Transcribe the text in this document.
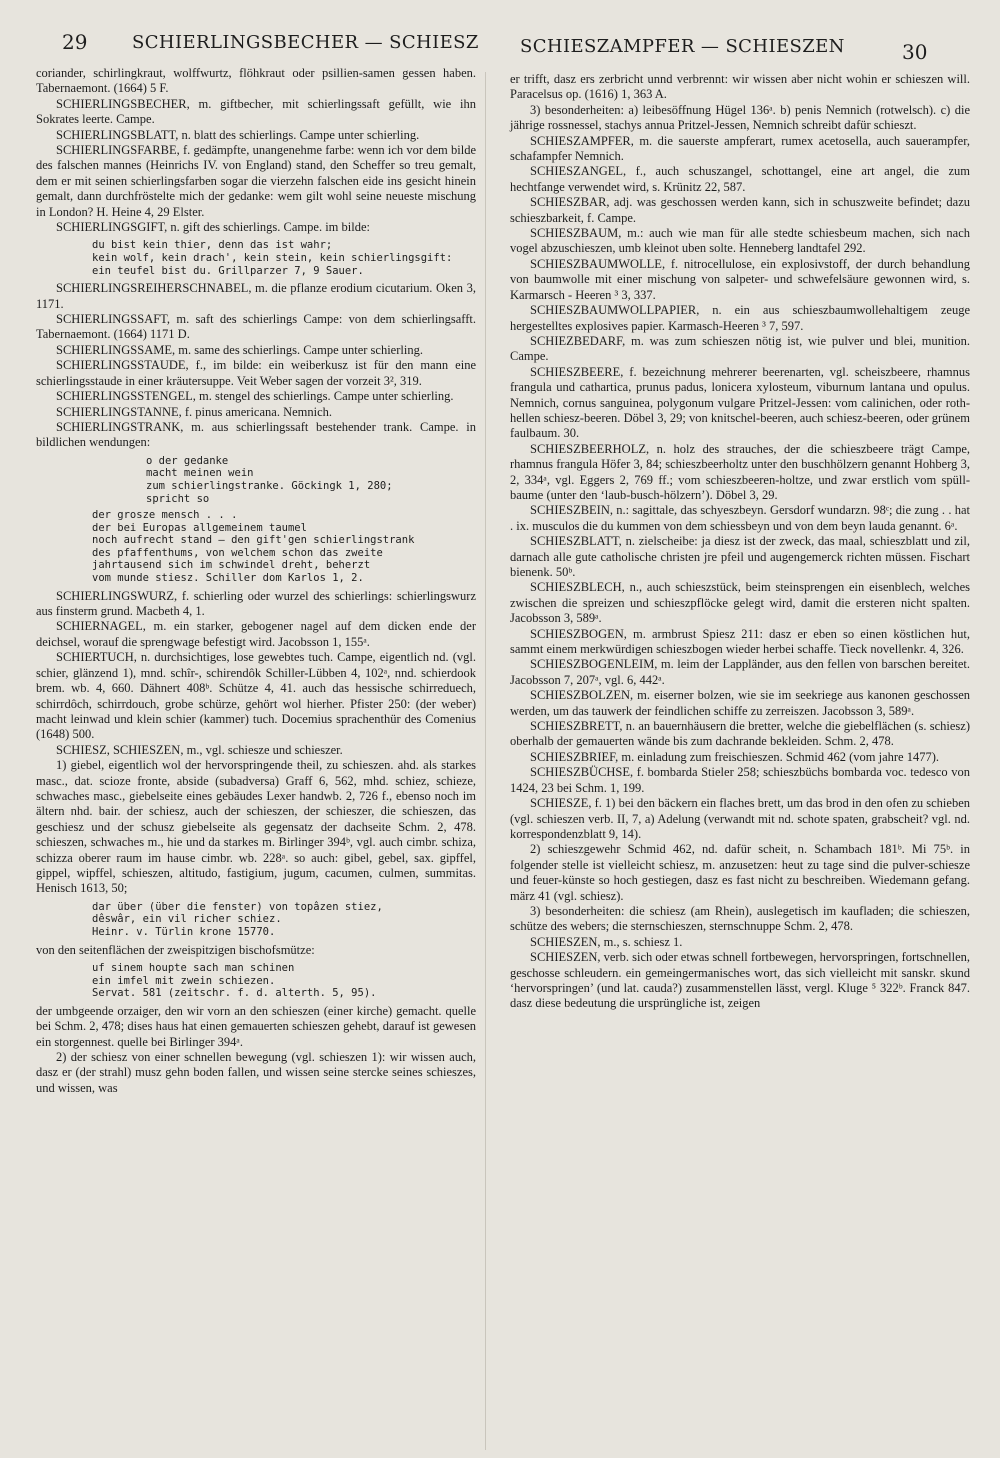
29 SCHIERLINGSBECHER — SCHIESZ SCHIESZAMPFER — SCHIESZEN	30

coriander, schirlingkraut, wolffwurtz, flöhkraut oder psillien-samen gessen haben. Tabernaemont. (1664) 5 F.

SCHIERLINGSBECHER, m. giftbecher, mit schierlingssaft gefüllt, wie ihn Sokrates leerte. Campe.

SCHIERLINGSBLATT, n. blatt des schierlings. Campe unter schierling.

SCHIERLINGSFARBE, f. gedämpfte, unangenehme farbe: wenn ich vor dem bilde des falschen mannes (Heinrichs IV. von England) stand, den Scheffer so treu gemalt, dem er mit seinen schierlingsfarben sogar die vierzehn falschen eide ins gesicht hinein gemalt, dann durchfröstelte mich der gedanke: wem gilt wohl seine neueste mischung in London? H. Heine 4, 29 Elster.

SCHIERLINGSGIFT, n. gift des schierlings. Campe. im bilde:

du bist kein thier, denn das ist wahr;
kein wolf, kein drach', kein stein, kein schierlingsgift:
ein teufel bist du. Grillparzer 7, 9 Sauer.

SCHIERLINGSREIHERSCHNABEL, m. die pflanze erodium cicutarium. Oken 3, 1171.

SCHIERLINGSSAFT, m. saft des schierlings Campe: von dem schierlingsafft. Tabernaemont. (1664) 1171 D.

SCHIERLINGSSAME, m. same des schierlings. Campe unter schierling.

SCHIERLINGSSTAUDE, f., im bilde: ein weiberkusz ist für den mann eine schierlingsstaude in einer kräutersuppe. Veit Weber sagen der vorzeit 3², 319.

SCHIERLINGSSTENGEL, m. stengel des schierlings. Campe unter schierling.

SCHIERLINGSTANNE, f. pinus americana. Nemnich.

SCHIERLINGSTRANK, m. aus schierlingssaft bestehender trank. Campe. in bildlichen wendungen:

o der gedanke
macht meinen wein
zum schierlingstranke. Göckingk 1, 280;
spricht so

der grosze mensch . . .
der bei Europas allgemeinem taumel
noch aufrecht stand — den gift'gen schierlingstrank
des pfaffenthums, von welchem schon das zweite
jahrtausend sich im schwindel dreht, beherzt
vom munde stiesz. Schiller dom Karlos 1, 2.

SCHIERLINGSWURZ, f. schierling oder wurzel des schierlings: schierlingswurz aus finsterm grund. Macbeth 4, 1.

SCHIERNAGEL, m. ein starker, gebogener nagel auf dem dicken ende der deichsel, worauf die sprengwage befestigt wird. Jacobsson 1, 155ᵃ.

SCHIERTUCH, n. durchsichtiges, lose gewebtes tuch. Campe, eigentlich nd. (vgl. schier, glänzend 1), mnd. schîr-, schirendôk Schiller-Lübben 4, 102ᵃ, nnd. schierdook brem. wb. 4, 660. Dähnert 408ᵇ. Schütze 4, 41. auch das hessische schirreduech, schirrdôch, schirrdouch, grobe schürze, gehört wol hierher. Pfister 250: (der weber) macht leinwad und klein schier (kammer) tuch. Docemius sprachenthür des Comenius (1648) 500.

SCHIESZ, SCHIESZEN, m., vgl. schiesze und schieszer.

1) giebel, eigentlich wol der hervorspringende theil, zu schieszen. ahd. als starkes masc., dat. scioze fronte, abside (subadversa) Graff 6, 562, mhd. schiez, schieze, schwaches masc., giebelseite eines gebäudes Lexer handwb. 2, 726 f., ebenso noch im ältern nhd. bair. der schiesz, auch der schieszen, der schieszer, die schieszen, das geschiesz und der schusz giebelseite als gegensatz der dachseite Schm. 2, 478. schieszen, schwaches m., hie und da starkes m. Birlinger 394ᵇ, vgl. auch cimbr. schiza, schizza oberer raum im hause cimbr. wb. 228ᵃ. so auch: gibel, gebel, sax. gipffel, gippel, wipffel, schieszen, altitudo, fastigium, jugum, cacumen, culmen, summitas. Henisch 1613, 50;

dar über (über die fenster) von topâzen stiez,
dêswâr, ein vil richer schiez.
Heinr. v. Türlin krone 15770.

von den seitenflächen der zweispitzigen bischofsmütze:

uf sinem houpte sach man schinen
ein imfel mit zwein schiezen.
Servat. 581 (zeitschr. f. d. alterth. 5, 95).

der umbgeende orzaiger, den wir vorn an den schieszen (einer kirche) gemacht. quelle bei Schm. 2, 478; dises haus hat einen gemauerten schieszen gehebt, darauf ist gewesen ein storgennest. quelle bei Birlinger 394ᵃ.

2) der schiesz von einer schnellen bewegung (vgl. schieszen 1): wir wissen auch, dasz er (der strahl) musz gehn boden fallen, und wissen seine stercke seines schieszes, und wissen, was

er trifft, dasz ers zerbricht unnd verbrennt: wir wissen aber nicht wohin er schieszen will. Paracelsus op. (1616) 1, 363 A.

3) besonderheiten: a) leibesöffnung Hügel 136ᵃ. b) penis Nemnich (rotwelsch). c) die jährige rossnessel, stachys annua Pritzel-Jessen, Nemnich schreibt dafür schieszt.

SCHIESZAMPFER, m. die sauerste ampferart, rumex acetosella, auch sauerampfer, schafampfer Nemnich.

SCHIESZANGEL, f., auch schuszangel, schottangel, eine art angel, die zum hechtfange verwendet wird, s. Krünitz 22, 587.

SCHIESZBAR, adj. was geschossen werden kann, sich in schuszweite befindet; dazu schieszbarkeit, f. Campe.

SCHIESZBAUM, m.: auch wie man für alle stedte schiesbeum machen, sich nach vogel abzuschieszen, umb kleinot uben solte. Henneberg landtafel 292.

SCHIESZBAUMWOLLE, f. nitrocellulose, ein explosivstoff, der durch behandlung von baumwolle mit einer mischung von salpeter- und schwefelsäure gewonnen wird, s. Karmarsch - Heeren ³ 3, 337.

SCHIESZBAUMWOLLPAPIER, n. ein aus schieszbaumwollehaltigem zeuge hergestelltes explosives papier. Karmasch-Heeren ³ 7, 597.

SCHIEZBEDARF, m. was zum schieszen nötig ist, wie pulver und blei, munition. Campe.

SCHIESZBEERE, f. bezeichnung mehrerer beerenarten, vgl. scheiszbeere, rhamnus frangula und cathartica, prunus padus, lonicera xylosteum, viburnum lantana und opulus. Nemnich, cornus sanguinea, polygonum vulgare Pritzel-Jessen: vom calinichen, oder roth-hellen schiesz-beeren. Döbel 3, 29; von knitschel-beeren, auch schiesz-beeren, oder grünem faulbaum. 30.

SCHIESZBEERHOLZ, n. holz des strauches, der die schieszbeere trägt Campe, rhamnus frangula Höfer 3, 84; schieszbeerholtz unter den buschhölzern genannt Hohberg 3, 2, 334ᵃ, vgl. Eggers 2, 769 ff.; vom schieszbeeren-holtze, und zwar erstlich vom spüll-baume (unter den ‘laub-busch-hölzern’). Döbel 3, 29.

SCHIESZBEIN, n.: sagittale, das schyeszbeyn. Gersdorf wundarzn. 98ᶜ; die zung . . hat . ix. musculos die du kummen von dem schiessbeyn und von dem beyn lauda genannt. 6ᵃ.

SCHIESZBLATT, n. zielscheibe: ja diesz ist der zweck, das maal, schieszblatt und zil, darnach alle gute catholische christen jre pfeil und augengemerck richten müssen. Fischart bienenk. 50ᵇ.

SCHIESZBLECH, n., auch schieszstück, beim steinsprengen ein eisenblech, welches zwischen die spreizen und schieszpflöcke gelegt wird, damit die ersteren nicht spalten. Jacobsson 3, 589ᵃ.

SCHIESZBOGEN, m. armbrust Spiesz 211: dasz er eben so einen köstlichen hut, sammt einem merkwürdigen schieszbogen wieder herbei schaffe. Tieck novellenkr. 4, 326.

SCHIESZBOGENLEIM, m. leim der Lappländer, aus den fellen von barschen bereitet. Jacobsson 7, 207ᵃ, vgl. 6, 442ᵃ.

SCHIESZBOLZEN, m. eiserner bolzen, wie sie im seekriege aus kanonen geschossen werden, um das tauwerk der feindlichen schiffe zu zerreiszen. Jacobsson 3, 589ᵃ.

SCHIESZBRETT, n. an bauernhäusern die bretter, welche die giebelflächen (s. schiesz) oberhalb der gemauerten wände bis zum dachrande bekleiden. Schm. 2, 478.

SCHIESZBRIEF, m. einladung zum freischieszen. Schmid 462 (vom jahre 1477).

SCHIESZBÜCHSE, f. bombarda Stieler 258; schieszbüchs bombarda voc. tedesco von 1424, 23 bei Schm. 1, 199.

SCHIESZE, f. 1) bei den bäckern ein flaches brett, um das brod in den ofen zu schieben (vgl. schieszen verb. II, 7, a) Adelung (verwandt mit nd. schote spaten, grabscheit? vgl. nd. korrespondenzblatt 9, 14).

2) schieszgewehr Schmid 462, nd. dafür scheit, n. Schambach 181ᵇ. Mi 75ᵇ. in folgender stelle ist vielleicht schiesz, m. anzusetzen: heut zu tage sind die pulver-schiesze und feuer-künste so hoch gestiegen, dasz es fast nicht zu beschreiben. Wiedemann gefang. märz 41 (vgl. schiesz).

3) besonderheiten: die schiesz (am Rhein), auslegetisch im kaufladen; die schieszen, schütze des webers; die sternschieszen, sternschnuppe Schm. 2, 478.

SCHIESZEN, m., s. schiesz 1.

SCHIESZEN, verb. sich oder etwas schnell fortbewegen, hervorspringen, fortschnellen, geschosse schleudern. ein gemeingermanisches wort, das sich vielleicht mit sanskr. skund ‘hervorspringen’ (und lat. cauda?) zusammenstellen lässt, vergl. Kluge ⁵ 322ᵇ. Franck 847. dasz diese bedeutung die ursprüngliche ist, zeigen
